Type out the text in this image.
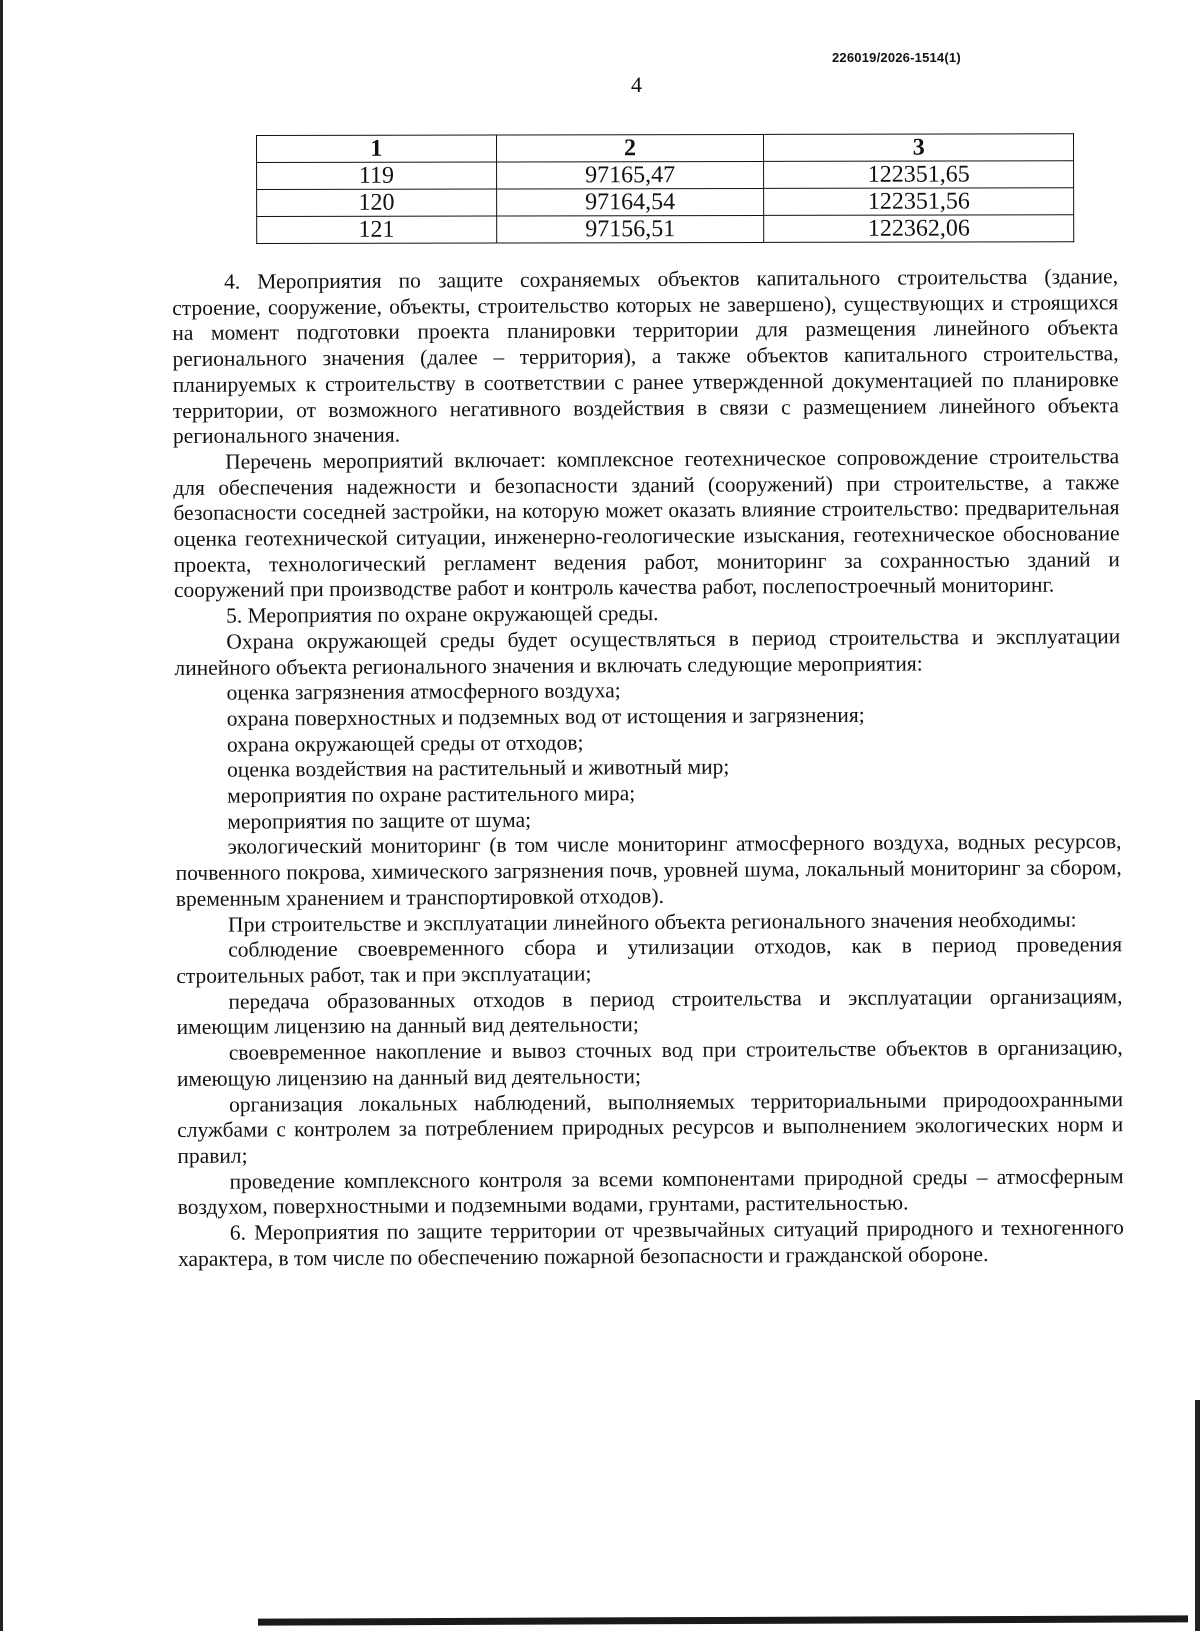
226019/2026-1514(1)
4
1	2	3
119	97165,47	122351,65
120	97164,54	122351,56
121	97156,51	122362,06

4. Мероприятия по защите сохраняемых объектов капитального строительства (здание, строение, сооружение, объекты, строительство которых не завершено), существующих и строящихся на момент подготовки проекта планировки территории для размещения линейного объекта регионального значения (далее – территория), а также объектов капитального строительства, планируемых к строительству в соответствии с ранее утвержденной документацией по планировке территории, от возможного негативного воздействия в связи с размещением линейного объекта регионального значения.

Перечень мероприятий включает: комплексное геотехническое сопровождение строительства для обеспечения надежности и безопасности зданий (сооружений) при строительстве, а также безопасности соседней застройки, на которую может оказать влияние строительство: предварительная оценка геотехнической ситуации, инженерно-геологические изыскания, геотехническое обоснование проекта, технологический регламент ведения работ, мониторинг за сохранностью зданий и сооружений при производстве работ и контроль качества работ, послепостроечный мониторинг.

5. Мероприятия по охране окружающей среды.

Охрана окружающей среды будет осуществляться в период строительства и эксплуатации линейного объекта регионального значения и включать следующие мероприятия:

оценка загрязнения атмосферного воздуха;

охрана поверхностных и подземных вод от истощения и загрязнения;

охрана окружающей среды от отходов;

оценка воздействия на растительный и животный мир;

мероприятия по охране растительного мира;

мероприятия по защите от шума;

экологический мониторинг (в том числе мониторинг атмосферного воздуха, водных ресурсов, почвенного покрова, химического загрязнения почв, уровней шума, локальный мониторинг за сбором, временным хранением и транспортировкой отходов).

При строительстве и эксплуатации линейного объекта регионального значения необходимы:

соблюдение своевременного сбора и утилизации отходов, как в период проведения строительных работ, так и при эксплуатации;

передача образованных отходов в период строительства и эксплуатации организациям, имеющим лицензию на данный вид деятельности;

своевременное накопление и вывоз сточных вод при строительстве объектов в организацию, имеющую лицензию на данный вид деятельности;

организация локальных наблюдений, выполняемых территориальными природоохранными службами с контролем за потреблением природных ресурсов и выполнением экологических норм и правил;

проведение комплексного контроля за всеми компонентами природной среды – атмосферным воздухом, поверхностными и подземными водами, грунтами, растительностью.

6. Мероприятия по защите территории от чрезвычайных ситуаций природного и техногенного характера, в том числе по обеспечению пожарной безопасности и гражданской обороне.
